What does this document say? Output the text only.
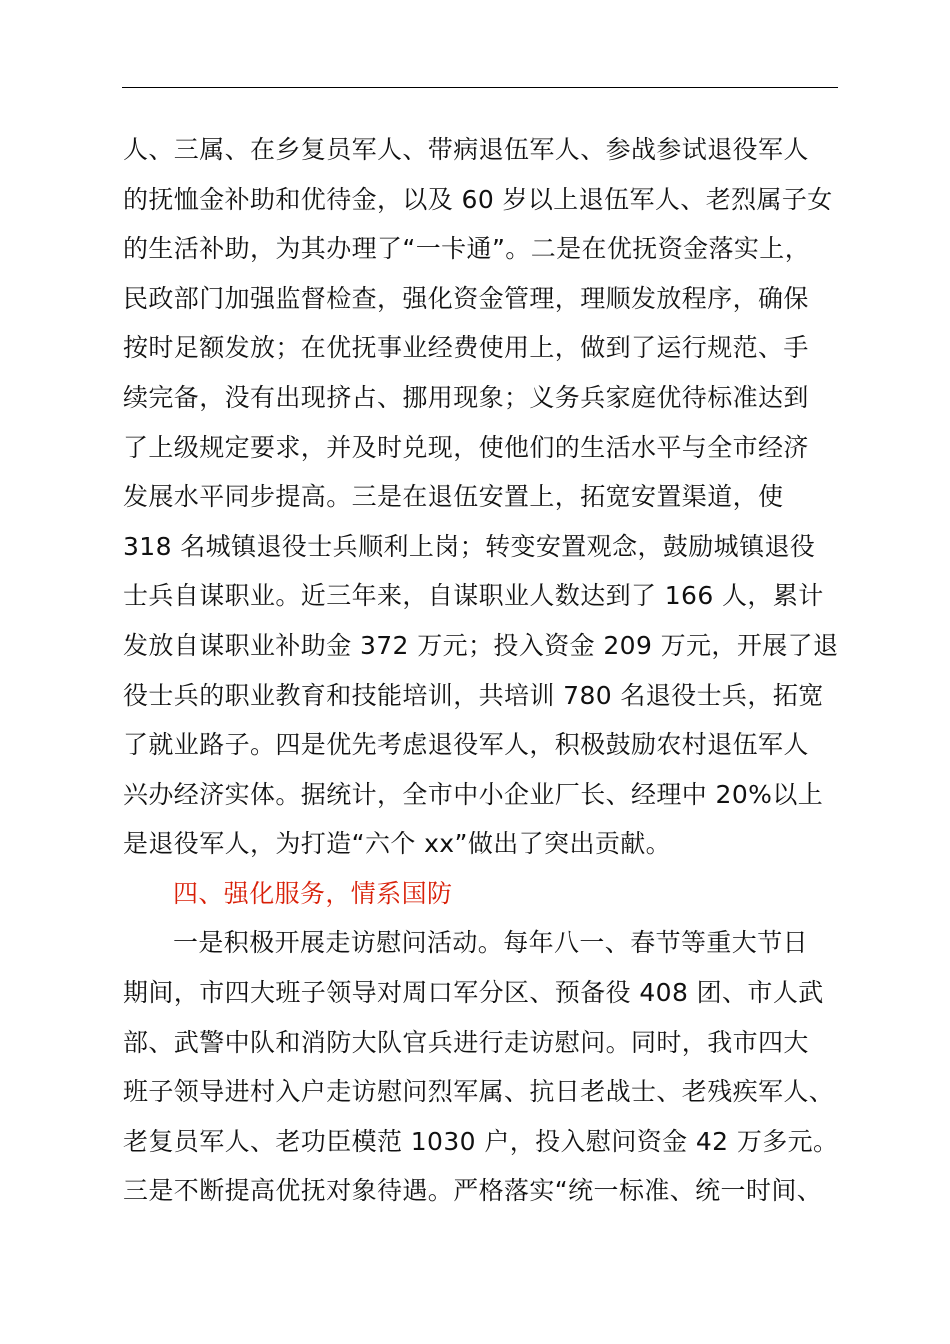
人、三属、在乡复员军人、带病退伍军人、参战参试退役军人
的抚恤金补助和优待金，以及 60 岁以上退伍军人、老烈属子女
的生活补助，为其办理了“一卡通”。二是在优抚资金落实上，
民政部门加强监督检查，强化资金管理，理顺发放程序，确保
按时足额发放；在优抚事业经费使用上，做到了运行规范、手
续完备，没有出现挤占、挪用现象；义务兵家庭优待标准达到
了上级规定要求，并及时兑现，使他们的生活水平与全市经济
发展水平同步提高。三是在退伍安置上，拓宽安置渠道，使
318 名城镇退役士兵顺利上岗；转变安置观念，鼓励城镇退役
士兵自谋职业。近三年来，自谋职业人数达到了 166 人，累计
发放自谋职业补助金 372 万元；投入资金 209 万元，开展了退
役士兵的职业教育和技能培训，共培训 780 名退役士兵，拓宽
了就业路子。四是优先考虑退役军人，积极鼓励农村退伍军人
兴办经济实体。据统计，全市中小企业厂长、经理中 20%以上
是退役军人，为打造“六个 xx”做出了突出贡献。
四、强化服务，情系国防
一是积极开展走访慰问活动。每年八一、春节等重大节日
期间，市四大班子领导对周口军分区、预备役 408 团、市人武
部、武警中队和消防大队官兵进行走访慰问。同时，我市四大
班子领导进村入户走访慰问烈军属、抗日老战士、老残疾军人、
老复员军人、老功臣模范 1030 户，投入慰问资金 42 万多元。
三是不断提高优抚对象待遇。严格落实“统一标准、统一时间、
